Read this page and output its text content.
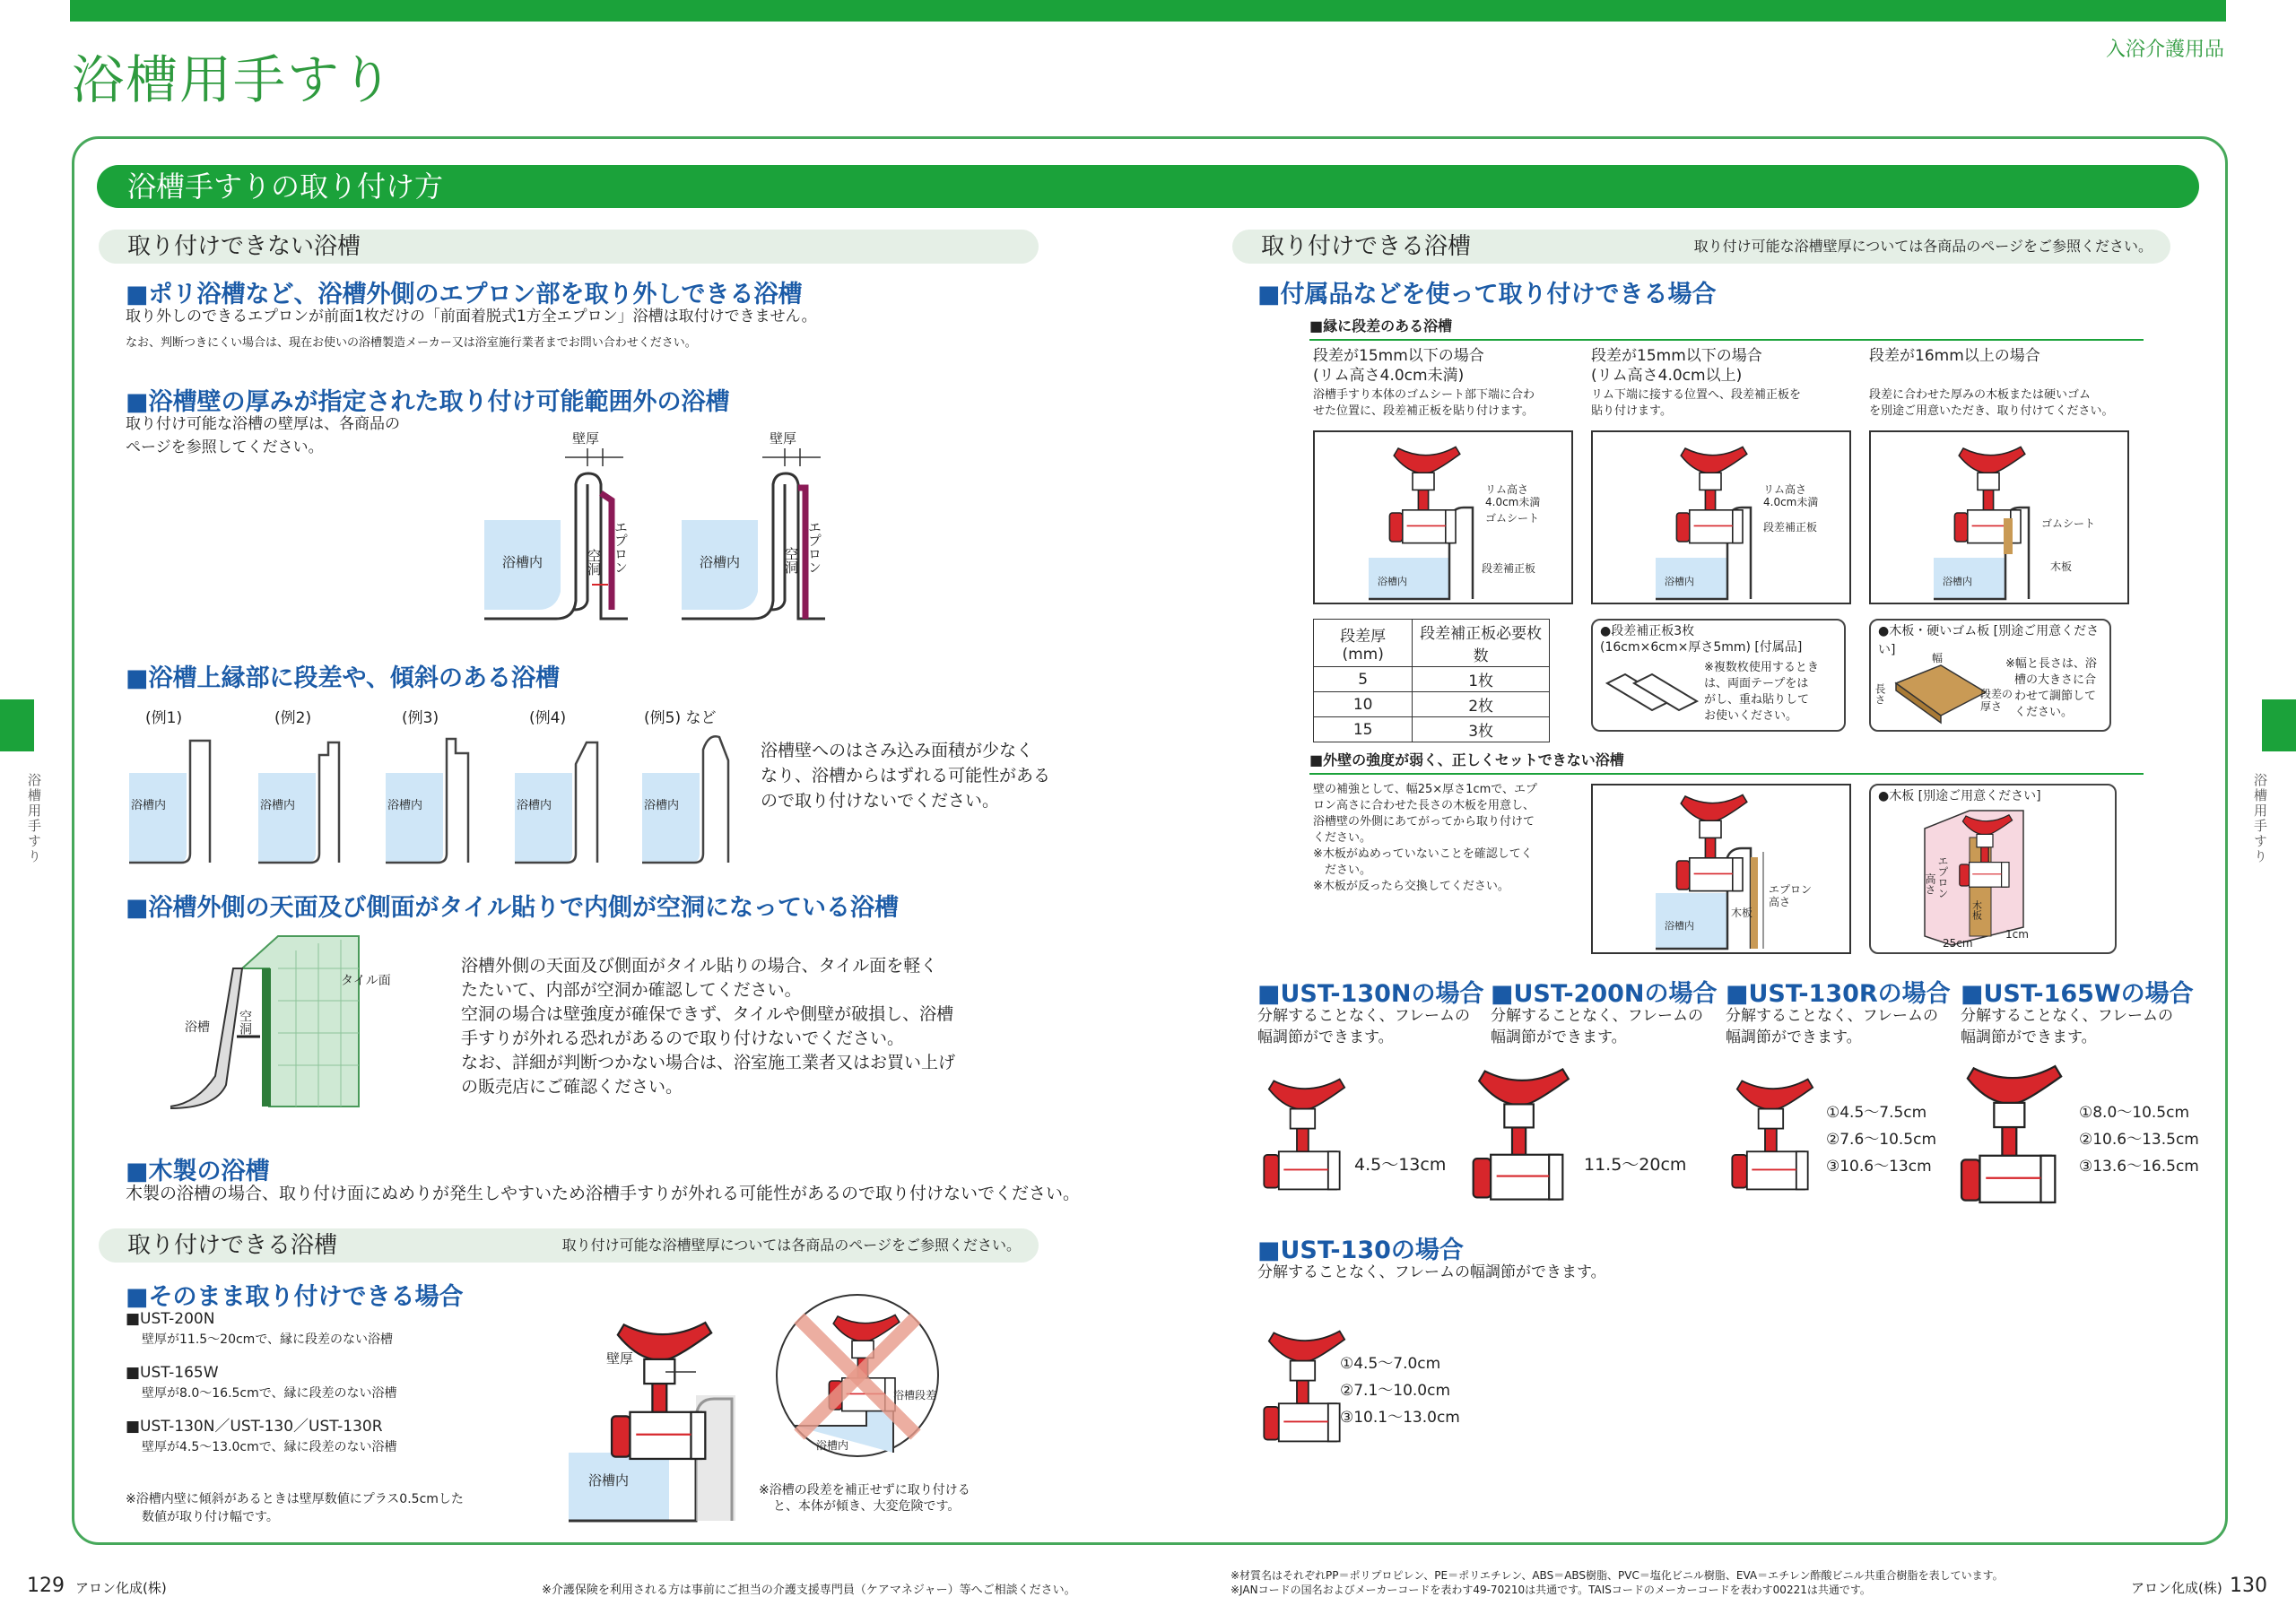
浴槽用手すり	入浴介護用品
浴槽手すりの取り付け方
浴槽用手すり	浴槽用手すり
取り付けできない浴槽
■ポリ浴槽など、浴槽外側のエプロン部を取り外しできる浴槽
取り外しのできるエプロンが前面1枚だけの「前面着脱式1方全エプロン」浴槽は取付けできません。
なお、判断つきにくい場合は、現在お使いの浴槽製造メーカー又は浴室施行業者までお問い合わせください。
■浴槽壁の厚みが指定された取り付け可能範囲外の浴槽
取り付け可能な浴槽の壁厚は、各商品の
ページを参照してください。	壁厚
浴槽内	空洞 エプロン
壁厚
浴槽内	空洞 エプロン
■浴槽上縁部に段差や、傾斜のある浴槽
(例1)	(例2)	(例3)	(例4)	(例5) など
浴槽内	浴槽内	浴槽内	浴槽内	浴槽内
浴槽壁へのはさみ込み面積が少なく
なり、浴槽からはずれる可能性がある
ので取り付けないでください。
■浴槽外側の天面及び側面がタイル貼りで内側が空洞になっている浴槽
タイル面
浴槽 空洞
浴槽外側の天面及び側面がタイル貼りの場合、タイル面を軽く
たたいて、内部が空洞か確認してください。
空洞の場合は壁強度が確保できず、タイルや側壁が破損し、浴槽
手すりが外れる恐れがあるので取り付けないでください。
なお、詳細が判断つかない場合は、浴室施工業者又はお買い上げ
の販売店にご確認ください。
■木製の浴槽
木製の浴槽の場合、取り付け面にぬめりが発生しやすいため浴槽手すりが外れる可能性があるので取り付けないでください。
取り付けできる浴槽	取り付け可能な浴槽壁厚については各商品のページをご参照ください。
■そのまま取り付けできる場合
■UST-200N
壁厚が11.5～20cmで、縁に段差のない浴槽
■UST-165W
壁厚が8.0～16.5cmで、縁に段差のない浴槽
■UST-130N／UST-130／UST-130R
壁厚が4.5～13.0cmで、縁に段差のない浴槽
※浴槽内壁に傾斜があるときは壁厚数値にプラス0.5cmした
数値が取り付け幅です。
壁厚
浴槽内
浴槽段差
浴槽内
※浴槽の段差を補正せずに取り付ける
と、本体が傾き、大変危険です。
取り付けできる浴槽	取り付け可能な浴槽壁厚については各商品のページをご参照ください。
■付属品などを使って取り付けできる場合
■縁に段差のある浴槽
段差が15mm以下の場合
(リム高さ4.0cm未満)
浴槽手すり本体のゴムシート部下端に合わ
せた位置に、段差補正板を貼り付けます。
段差が15mm以下の場合
(リム高さ4.0cm以上)
リム下端に接する位置へ、段差補正板を
貼り付けます。
段差が16mm以上の場合
段差に合わせた厚みの木板または硬いゴム
を別途ご用意いただき、取り付けてください。
リム高さ
4.0cm未満
ゴムシート
段差補正板
浴槽内
リム高さ
4.0cm未満
段差補正板
浴槽内
ゴムシート
木板
浴槽内
段差厚 (mm)	段差補正板必要枚数
5	1枚
10	2枚
15	3枚
●段差補正板3枚
(16cm×6cm×厚さ5mm) [付属品]
※複数枚使用するとき
は、両面テープをは
がし、重ね貼りして
お使いください。
●木板・硬いゴム板 [別途ご用意ください]
幅
長さ	段差の
厚さ
※幅と長さは、浴
槽の大きさに合
わせて調節して
ください。
■外壁の強度が弱く、正しくセットできない浴槽
壁の補強として、幅25×厚さ1cmで、エプ
ロン高さに合わせた長さの木板を用意し、
浴槽壁の外側にあてがってから取り付けて
ください。
※木板がぬめっていないことを確認してく
　ださい。
※木板が反ったら交換してください。	エプロン
高さ
木板
浴槽内
●木板 [別途ご用意ください]
高さ エプロン
木板
25cm
1cm
■UST-130Nの場合
分解することなく、フレームの
幅調節ができます。
■UST-200Nの場合
分解することなく、フレームの
幅調節ができます。
■UST-130Rの場合
分解することなく、フレームの
幅調節ができます。
■UST-165Wの場合
分解することなく、フレームの
幅調節ができます。
4.5～13cm	11.5～20cm
①4.5～7.5cm
②7.6～10.5cm
③10.6～13cm
①8.0～10.5cm
②10.6～13.5cm
③13.6～16.5cm
■UST-130の場合
分解することなく、フレームの幅調節ができます。
①4.5～7.0cm
②7.1～10.0cm
③10.1～13.0cm
129 アロン化成(株)	※介護保険を利用される方は事前にご担当の介護支援専門員（ケアマネジャー）等へご相談ください。
※材質名はそれぞれPP＝ポリプロピレン、PE＝ポリエチレン、ABS＝ABS樹脂、PVC＝塩化ビニル樹脂、EVA＝エチレン酢酸ビニル共重合樹脂を表しています。
※JANコードの国名およびメーカーコードを表わす49-70210は共通です。TAISコードのメーカーコードを表わす00221は共通です。	アロン化成(株) 130
